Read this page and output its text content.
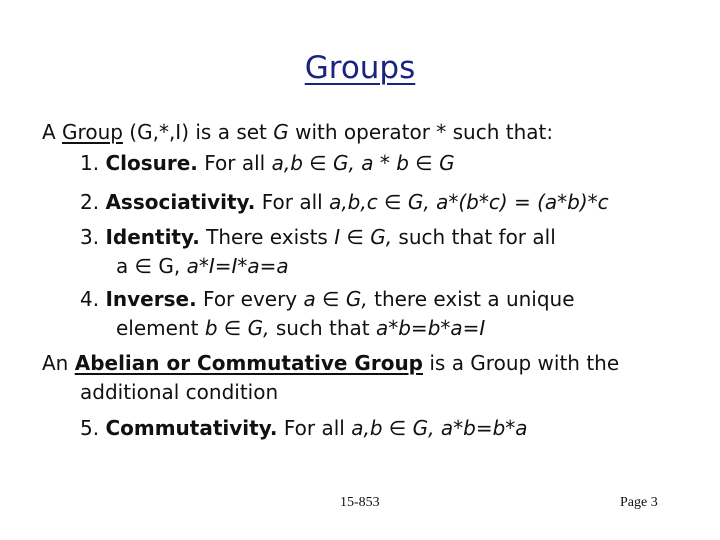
Groups
A Group (G,*,I) is a set G with operator * such that:
1. Closure. For all a,b ∈ G, a * b ∈ G
2. Associativity. For all a,b,c ∈ G, a*(b*c) = (a*b)*c
3. Identity. There exists I ∈ G, such that for all
a ∈ G, a*I=I*a=a
4. Inverse. For every a ∈ G, there exist a unique
element b ∈ G, such that a*b=b*a=I
An Abelian or Commutative Group is a Group with the
additional condition
5. Commutativity. For all a,b ∈ G, a*b=b*a
15-853	Page 3
